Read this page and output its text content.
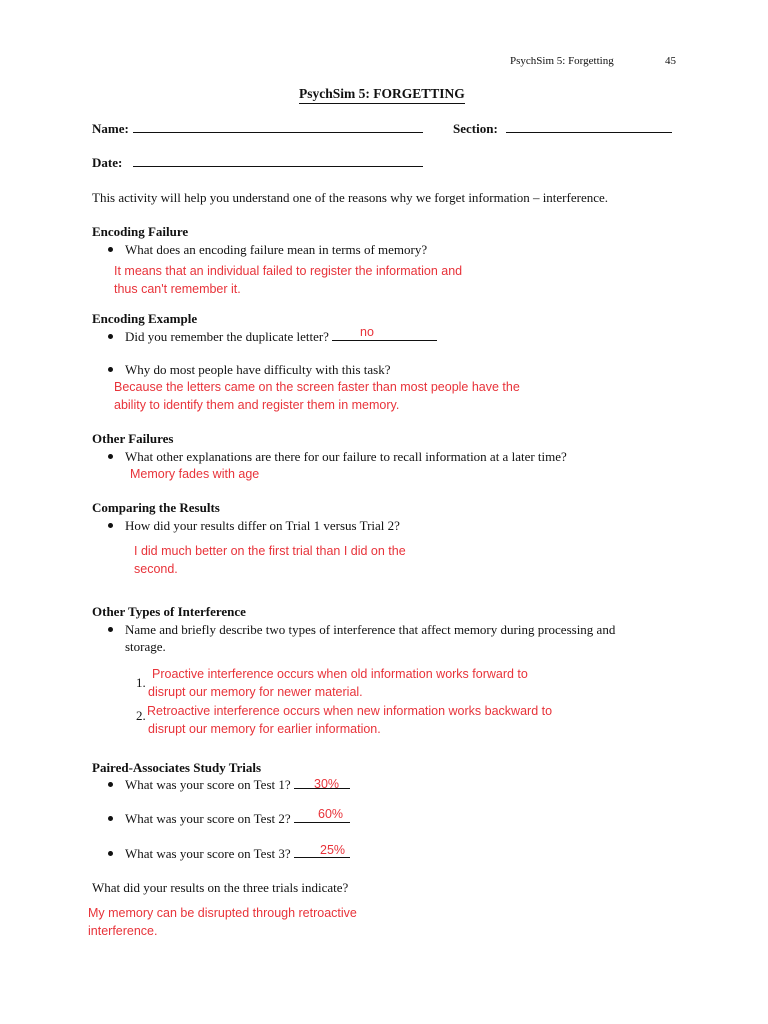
PsychSim 5: Forgetting	45
PsychSim 5: FORGETTING
Name:	Section:
Date:
This activity will help you understand one of the reasons why we forget information – interference.
Encoding Failure
What does an encoding failure mean in terms of memory?
It means that an individual failed to register the information and
thus can't remember it.
Encoding Example
Did you remember the duplicate letter?	no
Why do most people have difficulty with this task?
Because the letters came on the screen faster than most people have the
ability to identify them and register them in memory.
Other Failures
What other explanations are there for our failure to recall information at a later time?
Memory fades with age
Comparing the Results
How did your results differ on Trial 1 versus Trial 2?
I did much better on the first trial than I did on the
second.
Other Types of Interference
Name and briefly describe two types of interference that affect memory during processing and
storage.
1.
Proactive interference occurs when old information works forward to
disrupt our memory for newer material.
2. Retroactive interference occurs when new information works backward to
disrupt our memory for earlier information.
Paired-Associates Study Trials
What was your score on Test 1?	30%
What was your score on Test 2?	60%
What was your score on Test 3?	25%
What did your results on the three trials indicate?
My memory can be disrupted through retroactive
interference.
